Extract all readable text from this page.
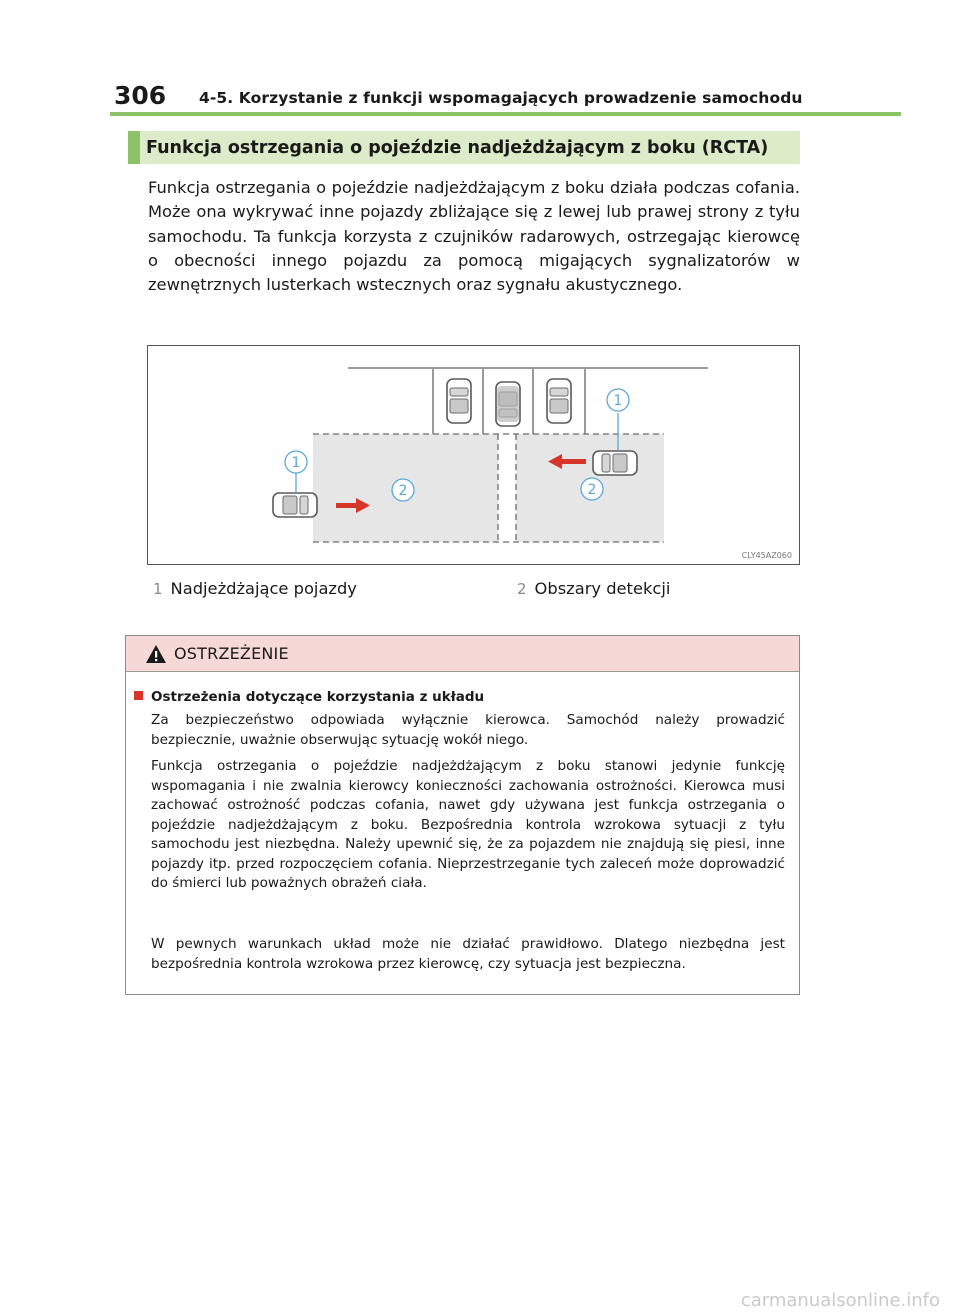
306 4-5. Korzystanie z funkcji wspomagających prowadzenie samochodu
Funkcja ostrzegania o pojeździe nadjeżdżającym z boku (RCTA)

Funkcja ostrzegania o pojeździe nadjeżdżającym z boku działa podczas cofania. Może ona wykrywać inne pojazdy zbliżające się z lewej lub prawej strony z tyłu samochodu. Ta funkcja korzysta z czujników radarowych, ostrzegając kierowcę o obecności innego pojazdu za pomocą migających sygnalizatorów w zewnętrznych lusterkach wstecznych oraz sygnału akustycznego.

1
1
2	2
CLY45AZ060
1 Nadjeżdżające pojazdy	2 Obszary detekcji
OSTRZEŻENIE
Ostrzeżenia dotyczące korzystania z układu

Za bezpieczeństwo odpowiada wyłącznie kierowca. Samochód należy prowadzić bezpiecznie, uważnie obserwując sytuację wokół niego.

Funkcja ostrzegania o pojeździe nadjeżdżającym z boku stanowi jedynie funkcję wspomagania i nie zwalnia kierowcy konieczności zachowania ostrożności. Kierowca musi zachować ostrożność podczas cofania, nawet gdy używana jest funkcja ostrzegania o pojeździe nadjeżdżającym z boku. Bezpośrednia kontrola wzrokowa sytuacji z tyłu samochodu jest niezbędna. Należy upewnić się, że za pojazdem nie znajdują się piesi, inne pojazdy itp. przed rozpoczęciem cofania. Nieprzestrzeganie tych zaleceń może doprowadzić do śmierci lub poważnych obrażeń ciała.

W pewnych warunkach układ może nie działać prawidłowo. Dlatego niezbędna jest bezpośrednia kontrola wzrokowa przez kierowcę, czy sytuacja jest bezpieczna.

carmanualsonline.info
